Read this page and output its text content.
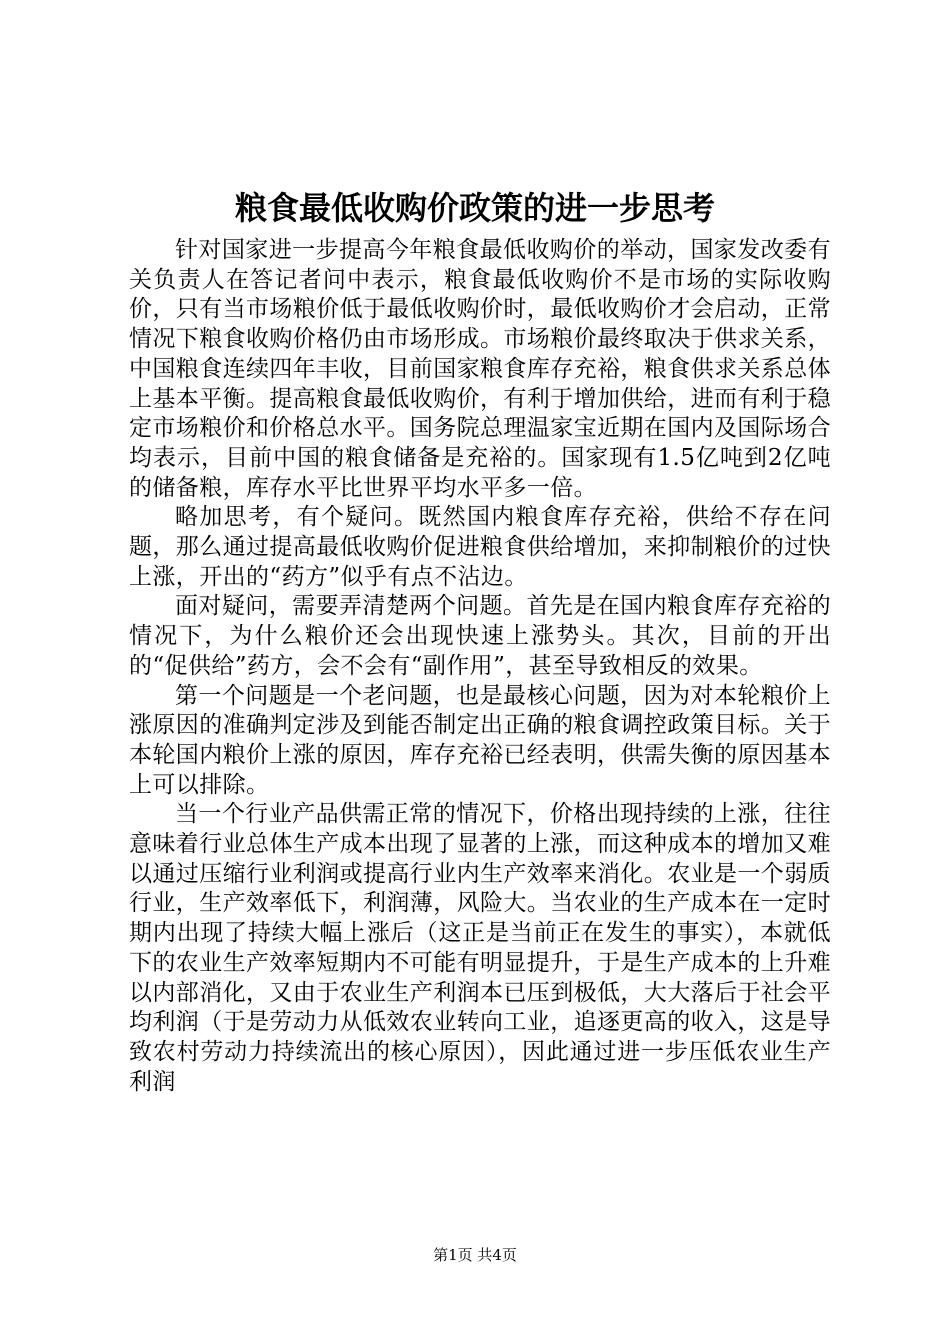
粮食最低收购价政策的进一步思考

针对国家进一步提高今年粮食最低收购价的举动，国家发改委有关负责人在答记者问中表示，粮食最低收购价不是市场的实际收购价，只有当市场粮价低于最低收购价时，最低收购价才会启动，正常情况下粮食收购价格仍由市场形成。市场粮价最终取决于供求关系，中国粮食连续四年丰收，目前国家粮食库存充裕，粮食供求关系总体上基本平衡。提高粮食最低收购价，有利于增加供给，进而有利于稳定市场粮价和价格总水平。国务院总理温家宝近期在国内及国际场合均表示，目前中国的粮食储备是充裕的。国家现有1.5亿吨到2亿吨的储备粮，库存水平比世界平均水平多一倍。

略加思考，有个疑问。既然国内粮食库存充裕，供给不存在问题，那么通过提高最低收购价促进粮食供给增加，来抑制粮价的过快上涨，开出的“药方”似乎有点不沾边。

面对疑问，需要弄清楚两个问题。首先是在国内粮食库存充裕的情况下，为什么粮价还会出现快速上涨势头。其次，目前的开出的“促供给”药方，会不会有“副作用”，甚至导致相反的效果。

第一个问题是一个老问题，也是最核心问题，因为对本轮粮价上涨原因的准确判定涉及到能否制定出正确的粮食调控政策目标。关于本轮国内粮价上涨的原因，库存充裕已经表明，供需失衡的原因基本上可以排除。

当一个行业产品供需正常的情况下，价格出现持续的上涨，往往意味着行业总体生产成本出现了显著的上涨，而这种成本的增加又难以通过压缩行业利润或提高行业内生产效率来消化。农业是一个弱质行业，生产效率低下，利润薄，风险大。当农业的生产成本在一定时期内出现了持续大幅上涨后（这正是当前正在发生的事实），本就低下的农业生产效率短期内不可能有明显提升，于是生产成本的上升难以内部消化，又由于农业生产利润本已压到极低，大大落后于社会平均利润（于是劳动力从低效农业转向工业，追逐更高的收入，这是导致农村劳动力持续流出的核心原因），因此通过进一步压低农业生产利润

第1页 共4页
